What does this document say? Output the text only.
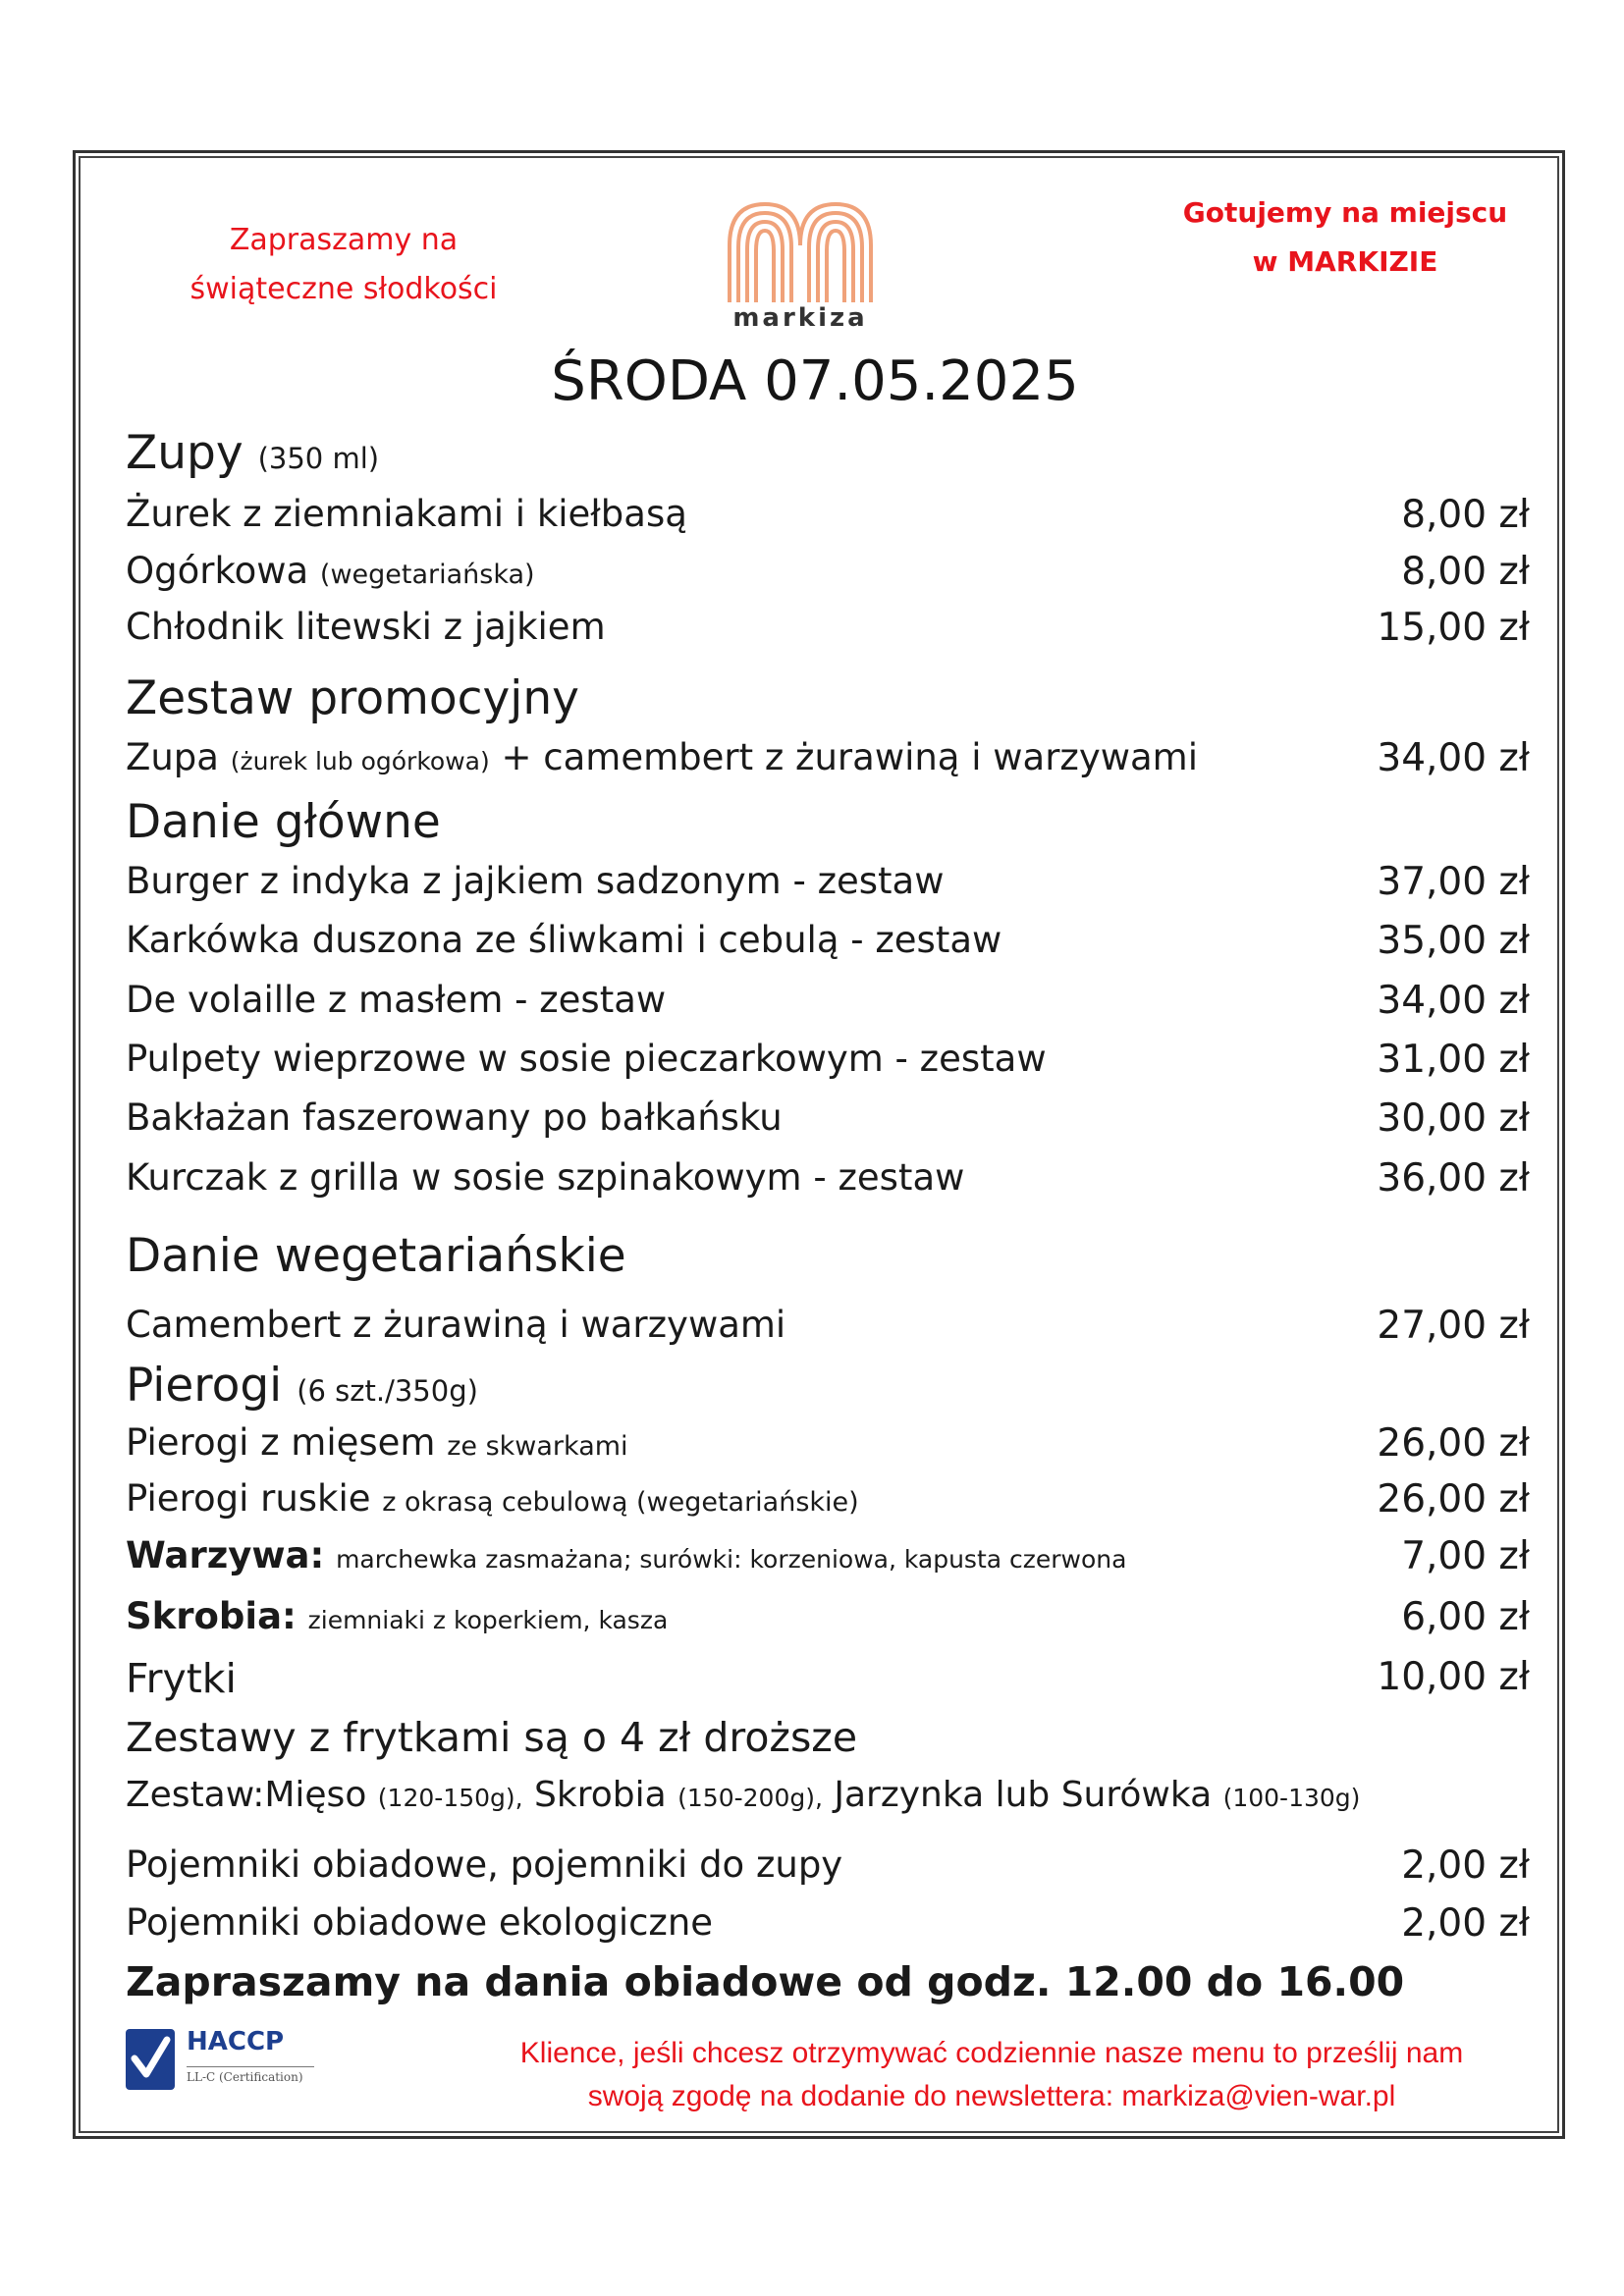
Zapraszamy na
świąteczne słodkości
markiza
Gotujemy na miejscu
w MARKIZIE
ŚRODA 07.05.2025
Zupy (350 ml)
Żurek z ziemniakami i kiełbasą	8,00 zł
Ogórkowa (wegetariańska)	8,00 zł
Chłodnik litewski z jajkiem	15,00 zł
Zestaw promocyjny
Zupa (żurek lub ogórkowa) + camembert z żurawiną i warzywami	34,00 zł
Danie główne
Burger z indyka z jajkiem sadzonym - zestaw	37,00 zł
Karkówka duszona ze śliwkami i cebulą - zestaw	35,00 zł
De volaille z masłem - zestaw	34,00 zł
Pulpety wieprzowe w sosie pieczarkowym - zestaw	31,00 zł
Bakłażan faszerowany po bałkańsku	30,00 zł
Kurczak z grilla w sosie szpinakowym - zestaw	36,00 zł
Danie wegetariańskie
Camembert z żurawiną i warzywami	27,00 zł
Pierogi (6 szt./350g)
Pierogi z mięsem ze skwarkami	26,00 zł
Pierogi ruskie z okrasą cebulową (wegetariańskie)	26,00 zł
Warzywa: marchewka zasmażana; surówki: korzeniowa, kapusta czerwona	7,00 zł
Skrobia: ziemniaki z koperkiem, kasza	6,00 zł
Frytki	10,00 zł
Zestawy z frytkami są o 4 zł droższe
Zestaw:Mięso (120-150g), Skrobia (150-200g), Jarzynka lub Surówka (100-130g)
Pojemniki obiadowe, pojemniki do zupy	2,00 zł
Pojemniki obiadowe ekologiczne	2,00 zł
Zapraszamy na dania obiadowe od godz. 12.00 do 16.00
HACCP
LL-C (Certification)
Klience, jeśli chcesz otrzymywać codziennie nasze menu to prześlij nam
swoją zgodę na dodanie do newslettera: markiza@vien-war.pl
